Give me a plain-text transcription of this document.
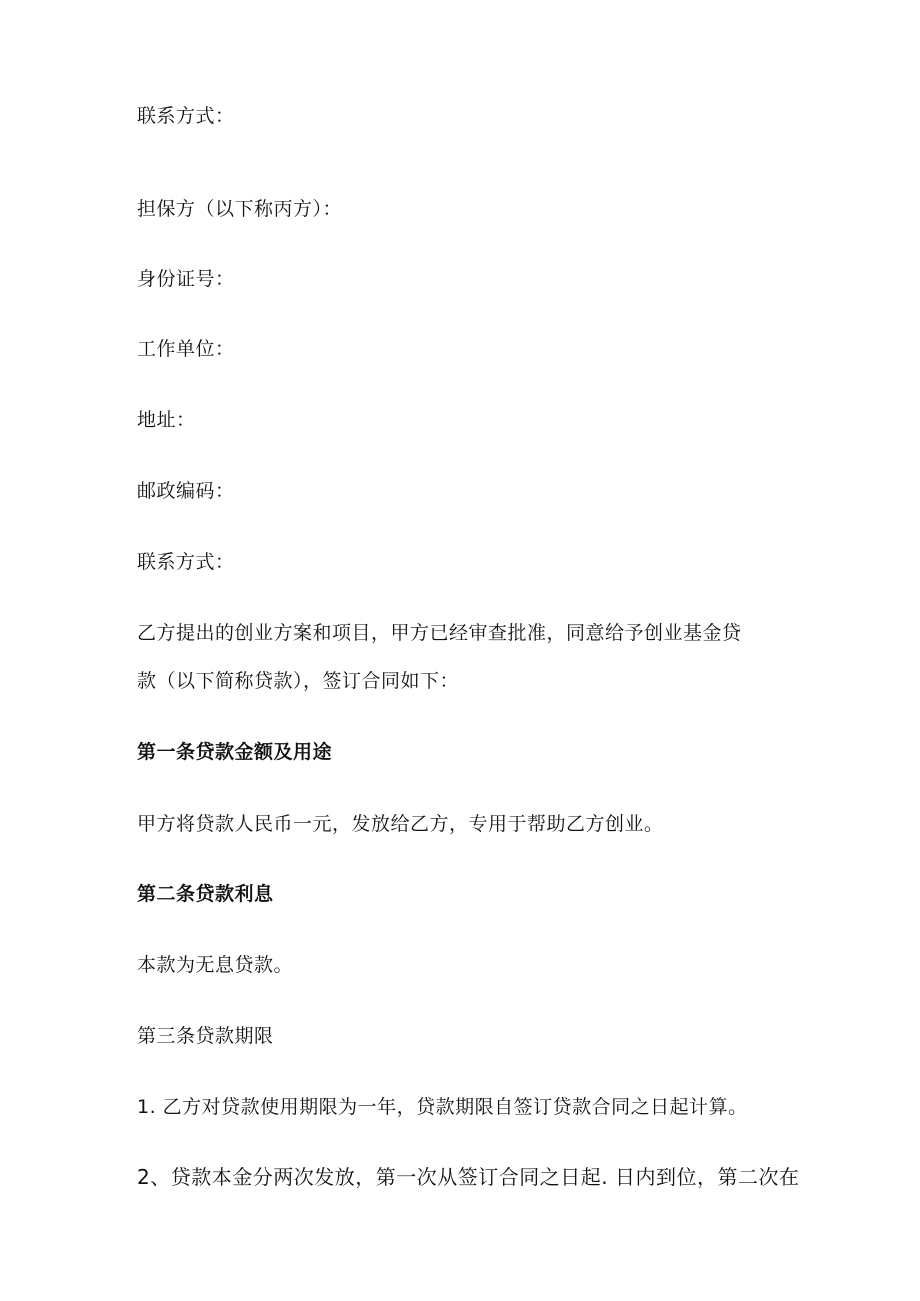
联系方式：
担保方（以下称丙方）：
身份证号：
工作单位：
地址：
邮政编码：
联系方式：
乙方提出的创业方案和项目，甲方已经审查批准，同意给予创业基金贷
款（以下简称贷款），签订合同如下：
第一条贷款金额及用途
甲方将贷款人民币一元，发放给乙方，专用于帮助乙方创业。
第二条贷款利息
本款为无息贷款。
第三条贷款期限
1. 乙方对贷款使用期限为一年，贷款期限自签订贷款合同之日起计算。
2、贷款本金分两次发放，第一次从签订合同之日起. 日内到位，第二次在
